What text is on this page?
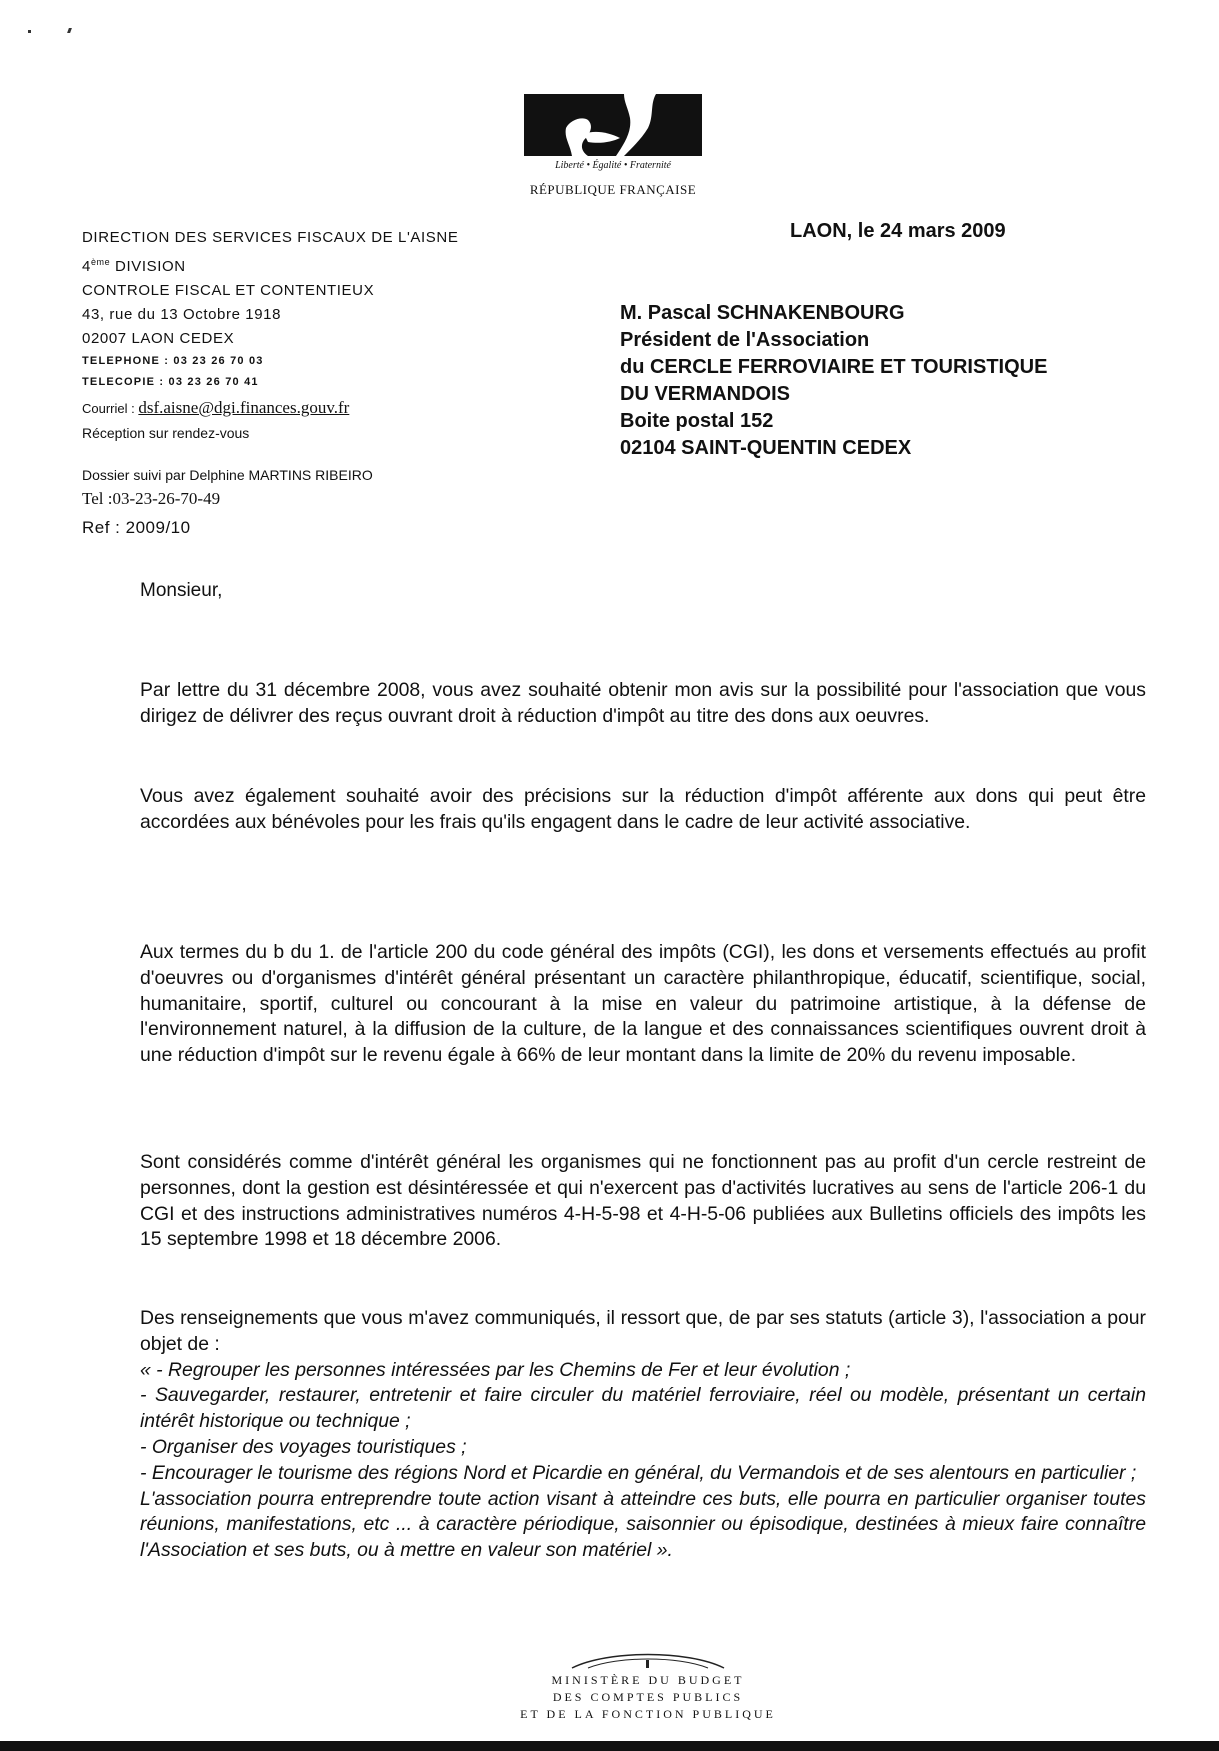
Liberté • Égalité • Fraternité
RÉPUBLIQUE FRANÇAISE
DIRECTION DES SERVICES FISCAUX DE L'AISNE
4ème DIVISION
CONTROLE FISCAL ET CONTENTIEUX
43, rue du 13 Octobre 1918
02007 LAON CEDEX
TELEPHONE : 03 23 26 70 03
TELECOPIE : 03 23 26 70 41
Courriel : dsf.aisne@dgi.finances.gouv.fr
Réception sur rendez-vous
Dossier suivi par Delphine MARTINS RIBEIRO
Tel :03-23-26-70-49
LAON, le 24 mars 2009
M. Pascal SCHNAKENBOURG
Président de l'Association
du CERCLE FERROVIAIRE ET TOURISTIQUE
DU VERMANDOIS
Boite postal 152
02104 SAINT-QUENTIN CEDEX
Ref : 2009/10
Monsieur,
Par lettre du 31 décembre 2008, vous avez souhaité obtenir mon avis sur la possibilité pour l'association que vous dirigez de délivrer des reçus ouvrant droit à réduction d'impôt au titre des dons aux oeuvres.
Vous avez également souhaité avoir des précisions sur la réduction d'impôt afférente aux dons qui peut être accordées aux bénévoles pour les frais qu'ils engagent dans le cadre de leur activité associative.
Aux termes du b du 1. de l'article 200 du code général des impôts (CGI), les dons et versements effectués au profit d'oeuvres ou d'organismes d'intérêt général présentant un caractère philanthropique, éducatif, scientifique, social, humanitaire, sportif, culturel ou concourant à la mise en valeur du patrimoine artistique, à la défense de l'environnement naturel, à la diffusion de la culture, de la langue et des connaissances scientifiques ouvrent droit à une réduction d'impôt sur le revenu égale à 66% de leur montant dans la limite de 20% du revenu imposable.
Sont considérés comme d'intérêt général les organismes qui ne fonctionnent pas au profit d'un cercle restreint de personnes, dont la gestion est désintéressée et qui n'exercent pas d'activités lucratives au sens de l'article 206-1 du CGI et des instructions administratives numéros 4-H-5-98 et 4-H-5-06 publiées aux Bulletins officiels des impôts les 15 septembre 1998 et 18 décembre 2006.
Des renseignements que vous m'avez communiqués, il ressort que, de par ses statuts (article 3), l'association a pour objet de :
« - Regrouper les personnes intéressées par les Chemins de Fer et leur évolution ;
- Sauvegarder, restaurer, entretenir et faire circuler du matériel ferroviaire, réel ou modèle, présentant un certain intérêt historique ou technique ;
- Organiser des voyages touristiques ;
- Encourager le tourisme des régions Nord et Picardie en général, du Vermandois et de ses alentours en particulier ;
L'association pourra entreprendre toute action visant à atteindre ces buts, elle pourra en particulier organiser toutes réunions, manifestations, etc ... à caractère périodique, saisonnier ou épisodique, destinées à mieux faire connaître l'Association et ses buts, ou à mettre en valeur son matériel ».
MINISTÈRE DU BUDGET
DES COMPTES PUBLICS
ET DE LA FONCTION PUBLIQUE
